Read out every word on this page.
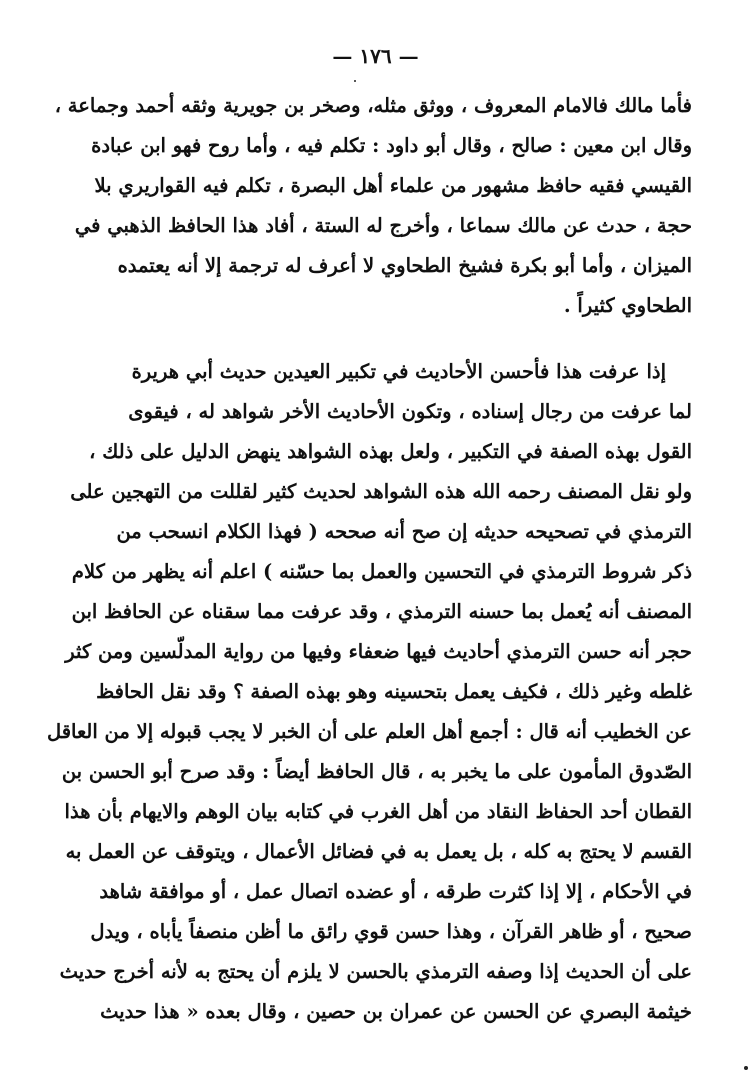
— ١٧٦ —
فأما مالك فالامام المعروف ، ووثق مثله، وصخر بن جويرية وثقه أحمد وجماعة ،
وقال ابن معين : صالح ، وقال أبو داود : تكلم فيه ، وأما روح فهو ابن عبادة
القيسي فقيه حافظ مشهور من علماء أهل البصرة ، تكلم فيه القواريري بلا
حجة ، حدث عن مالك سماعا ، وأخرج له الستة ، أفاد هذا الحافظ الذهبي في
الميزان ، وأما أبو بكرة فشيخ الطحاوي لا أعرف له ترجمة إلا أنه يعتمده
الطحاوي كثيراً .
إذا عرفت هذا فأحسن الأحاديث في تكبير العيدين حديث أبي هريرة
لما عرفت من رجال إسناده ، وتكون الأحاديث الأخر شواهد له ، فيقوى
القول بهذه الصفة في التكبير ، ولعل بهذه الشواهد ينهض الدليل على ذلك ،
ولو نقل المصنف رحمه الله هذه الشواهد لحديث كثير لقللت من التهجين على
الترمذي في تصحيحه حديثه إن صح أنه صححه ( فهذا الكلام انسحب من
ذكر شروط الترمذي في التحسين والعمل بما حسّنه ) اعلم أنه يظهر من كلام
المصنف أنه يُعمل بما حسنه الترمذي ، وقد عرفت مما سقناه عن الحافظ ابن
حجر أنه حسن الترمذي أحاديث فيها ضعفاء وفيها من رواية المدلّسين ومن كثر
غلطه وغير ذلك ، فكيف يعمل بتحسينه وهو بهذه الصفة ؟ وقد نقل الحافظ
عن الخطيب أنه قال : أجمع أهل العلم على أن الخبر لا يجب قبوله إلا من العاقل
الصّدوق المأمون على ما يخبر به ، قال الحافظ أيضاً : وقد صرح أبو الحسن بن
القطان أحد الحفاظ النقاد من أهل الغرب في كتابه بيان الوهم والايهام بأن هذا
القسم لا يحتج به كله ، بل يعمل به في فضائل الأعمال ، ويتوقف عن العمل به
في الأحكام ، إلا إذا كثرت طرقه ، أو عضده اتصال عمل ، أو موافقة شاهد
صحيح ، أو ظاهر القرآن ، وهذا حسن قوي رائق ما أظن منصفاً يأباه ، ويدل
على أن الحديث إذا وصفه الترمذي بالحسن لا يلزم أن يحتج به لأنه أخرج حديث
خيثمة البصري عن الحسن عن عمران بن حصين ، وقال بعده « هذا حديث
